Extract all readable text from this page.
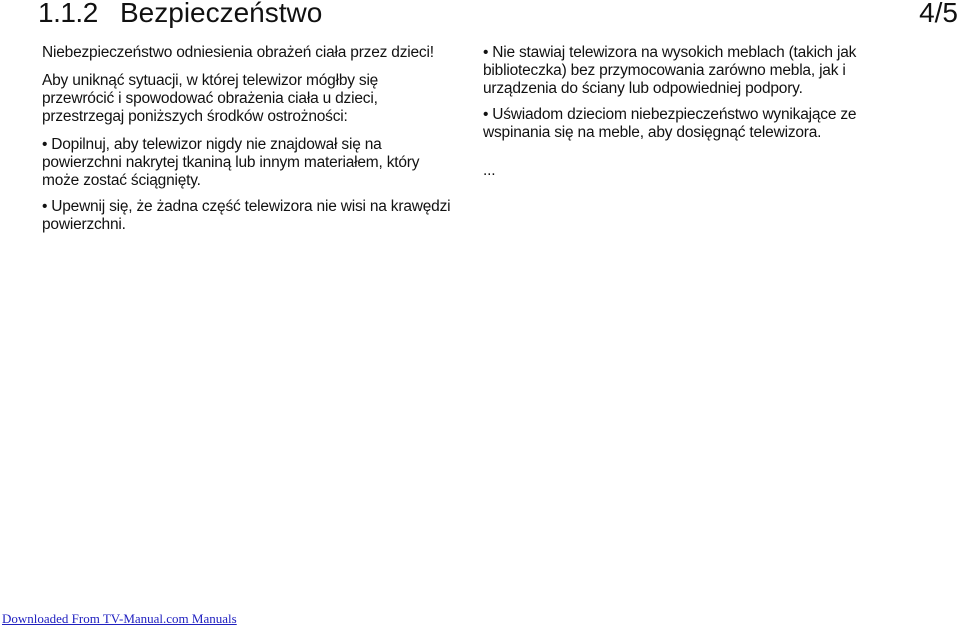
1.1.2 Bezpieczeństwo	4/5

Niebezpieczeństwo odniesienia obrażeń ciała przez dzieci!

Aby uniknąć sytuacji, w której telewizor mógłby się przewrócić i spowodować obrażenia ciała u dzieci, przestrzegaj poniższych środków ostrożności:

• Dopilnuj, aby telewizor nigdy nie znajdował się na powierzchni nakrytej tkaniną lub innym materiałem, który może zostać ściągnięty.

• Upewnij się, że żadna część telewizora nie wisi na krawędzi powierzchni.

• Nie stawiaj telewizora na wysokich meblach (takich jak biblioteczka) bez przymocowania zarówno mebla, jak i urządzenia do ściany lub odpowiedniej podpory.

• Uświadom dzieciom niebezpieczeństwo wynikające ze wspinania się na meble, aby dosięgnąć telewizora.

...

Downloaded From TV-Manual.com Manuals
